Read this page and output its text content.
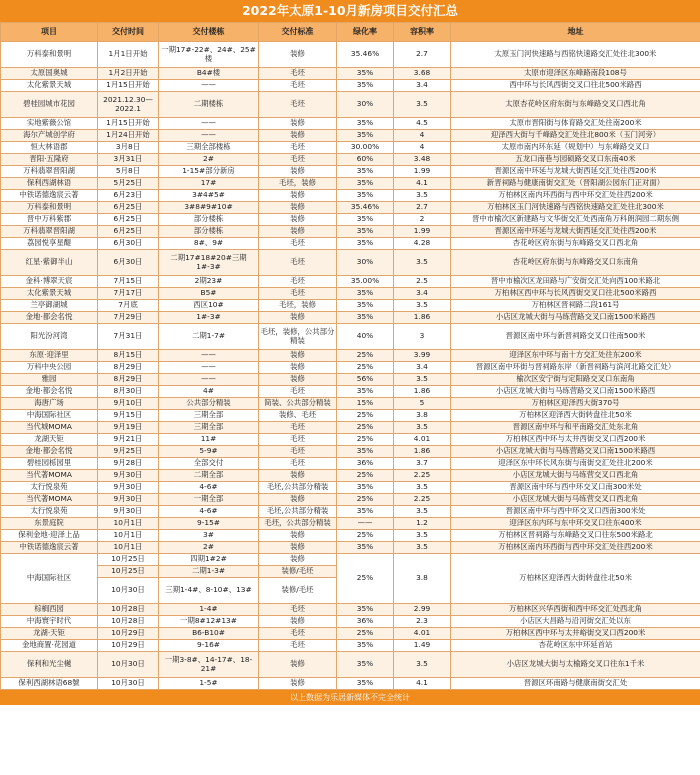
2022年太原1-10月新房项目交付汇总
项目	交付时间	交付楼栋	交付标准	绿化率	容积率	地址
万科泰和景明	1月1日开始	一期17#-22#、24#、25#楼	装修	35.46%	2.7	太原玉门河快速路与西铭快速路交汇处往北300米
太原国奥城	1月2日开始	B4#楼	毛坯	35%	3.68	太原市迎泽区东峰路南段108号
太化紫景天城	1月15日开始	——	毛坯	35%	3.4	西中环与长风西街交叉口往北500米路西
碧桂园城市花园	2021.12.30—2022.1	二期楼栋	毛坯	30%	3.5	太原杏花岭区府东街与东峰路交叉口西北角
实地紫薇公馆	1月15日开始	——	装修	35%	4.5	太原市晋阳街与体育路交汇处往南200米
海尔产城创学府	1月24日开始	——	装修	35%	4	迎泽西大街与千峰路交汇处往北800米（玉门河旁）
恒大林语郡	3月8日	三期全部楼栋	毛坯	30.00%	4	太原市南内环东延（规划中）与东峰路交叉口
晋阳·五隆府	3月31日	2#	毛坯	60%	3.48	五龙口南巷与园硕路交叉口东南40米
万科翡翠晋阳湖	5月8日	1-15#部分新房	装修	35%	1.99	晋源区南中环延与龙城大街西延交汇处往西200米
保利西湖林语	5月25日	17#	毛坯，装修	35%	4.1	新晋祠路与健康南街交汇处（晋阳湖公园东门正对面）
中铁诺德逸宸云著	6月23日	3#4#5#	装修	35%	3.5	万柏林区南内环西街与西中环交汇处往西200米
万科泰和景明	6月25日	3#8#9#10#	装修	35.46%	2.7	万柏林区玉门河快速路与西铭快速路交汇处往北300米
晋中万科紫郡	6月25日	部分楼栋	装修	35%	2	晋中市榆次区新建路与文华街交汇处西南角万科朗润园二期东侧
万科翡翠晋阳湖	6月25日	部分楼栋	装修	35%	1.99	晋源区南中环延与龙城大街西延交汇处往西200米
荔园悦享星醍	6月30日	8#、9#	毛坯	35%	4.28	杏花岭区府东街与东峰路交叉口西北角
红星·紫御半山	6月30日	二期17#18#20#三期1#-3#	毛坯	30%	3.5	杏花岭区府东街与东峰路交叉口东南角
金科·博翠天宸	7月15日	2期23#	毛坯	35.00%	2.5	晋中市榆次区龙田路与广安街交汇处向西100米路北
太化紫景天城	7月17日	B5#	毛坯	35%	3.4	万柏林区西中环与长风西街交叉口往北500米路西
兰亭御湖城	7月底	西区10#	毛坯，装修	35%	3.5	万柏林区晋祠路二段161号
金地·都会名悦	7月29日	1#-3#	装修	35%	1.86	小店区龙城大街与马练营路交叉口南1500米路西
阳光汾河湾	7月31日	二期1-7#	毛坯，装修，公共部分精装	40%	3	晋源区南中环与新晋祠路交叉口往南500米
东原·迎泽里	8月15日	——	装修	25%	3.99	迎泽区东中环与南十方交汇处往东200米
万科中央公园	8月29日	——	装修	25%	3.4	晋源区南中环街与晋祠路东岸（新晋祠路与滨河北路交汇处）
雅园	8月29日	——	装修	56%	3.5	榆次区安宁街与定阳路交叉口东南角
金地·都会名悦	8月30日	4#	毛坯	35%	1.86	小店区龙城大街与马练营路交叉口南1500米路西
海唐广场	9月10日	公共部分精装	简装、公共部分精装	15%	5	万柏林区迎泽西大街370号
中海国际社区	9月15日	三期全部	装修、毛坯	25%	3.8	万柏林区迎泽西大街转盘往北50米
当代城MOMA	9月19日	三期全部	毛坯	25%	3.5	晋源区南中环与和平南路交汇处东北角
龙湖天钜	9月21日	11#	毛坯	25%	4.01	万柏林区西中环与太井西街交叉口西200米
金地·都会名悦	9月25日	5-9#	毛坯	35%	1.86	小店区龙城大街与马练营路交叉口南1500米路西
碧桂园栎园里	9月28日	全部交付	毛坯	36%	3.7	迎泽区东中环长风东街与南街交汇处往北200米
当代著MOMA	9月30日	二期全部	装修	25%	2.25	小店区龙城大街与马练营交叉口西北角
太行悦泉苑	9月30日	4-6#	毛坯,公共部分精装	35%	3.5	晋源区南中环与西中环交叉口南300米处
当代著MOMA	9月30日	一期全部	装修	25%	2.25	小店区龙城大街与马练营交叉口西北角
太行悦泉苑	9月30日	4-6#	毛坯,公共部分精装	35%	3.5	晋源区南中环与西中环交叉口西南300米处
东景庭院	10月1日	9-15#	毛坯，公共部分精装	——	1.2	迎泽区东内环与东中环交叉口往东400米
保利金地·迎泽上品	10月1日	3#	装修	25%	3.5	万柏林区晋祠路与东峰路交叉口往东500米路北
中铁诺德逸宸云著	10月1日	2#	装修	35%	3.5	万柏林区南内环西街与西中环交汇处往西200米
中海国际社区	10月25日	四期1#2#	装修	25%	3.8	万柏林区迎泽西大街转盘往北50米
	10月25日	二期1-3#	装修/毛坯			
	10月30日	三期1-4#、8-10#、13#	装修/毛坯			
棕榈西园	10月28日	1-4#	毛坯	35%	2.99	万柏林区兴华西街和西中环交汇处西北角
中海寰宇时代	10月28日	一期8#12#13#	装修	36%	2.3	小店区大昌路与沿河街交汇处以东
龙湖·天钜	10月29日	B6-B10#	毛坯	25%	4.01	万柏林区西中环与太井峪街交叉口西200米
金地商置·花园道	10月29日	9-16#	毛坯	35%	1.49	杏花岭区东中环延首站
保利和光尘樾	10月30日	一期3-8#、14-17#、18-21#	装修	35%	3.5	小店区龙城大街与太榆路交叉口往东1千米
保利西湖林语68號	10月30日	1-5#	装修	35%	4.1	晋源区环南路与健康南街交汇处
以上数据为乐居新媒体不完全统计
